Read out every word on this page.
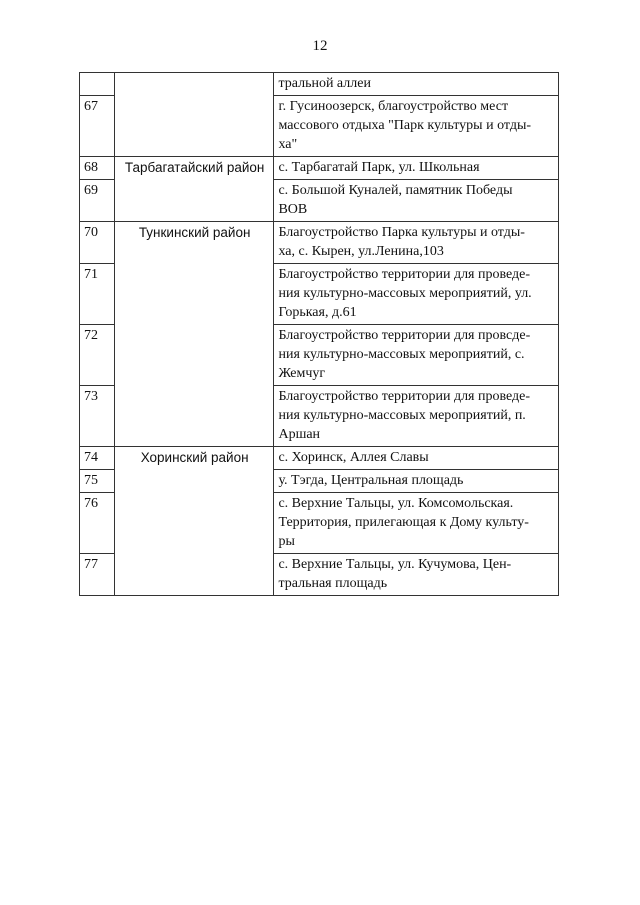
12

		тральной аллеи

67		г. Гусиноозерск, благоустройство мест
массового отдыха "Парк культуры и отды-
ха"

68	Тарбагатайский район	с. Тарбагатай Парк, ул. Школьная

69		с. Большой Куналей, памятник Победы
ВОВ

70	Тункинский район	Благоустройство Парка культуры и отды-
ха, с. Кырен, ул.Ленина,103

71		Благоустройство территории для проведе-
ния культурно-массовых мероприятий, ул.
Горькая, д.61

72		Благоустройство территории для провсде-
ния культурно-массовых мероприятий, с.
Жемчуг

73		Благоустройство территории для проведе-
ния культурно-массовых мероприятий, п.
Аршан

74	Хоринский район	с. Хоринск, Аллея Славы

75		у. Тэгда, Центральная площадь

76		с. Верхние Тальцы, ул. Комсомольская.
Территория, прилегающая к Дому культу-
ры

77		с. Верхние Тальцы, ул. Кучумова, Цен-
тральная площадь
